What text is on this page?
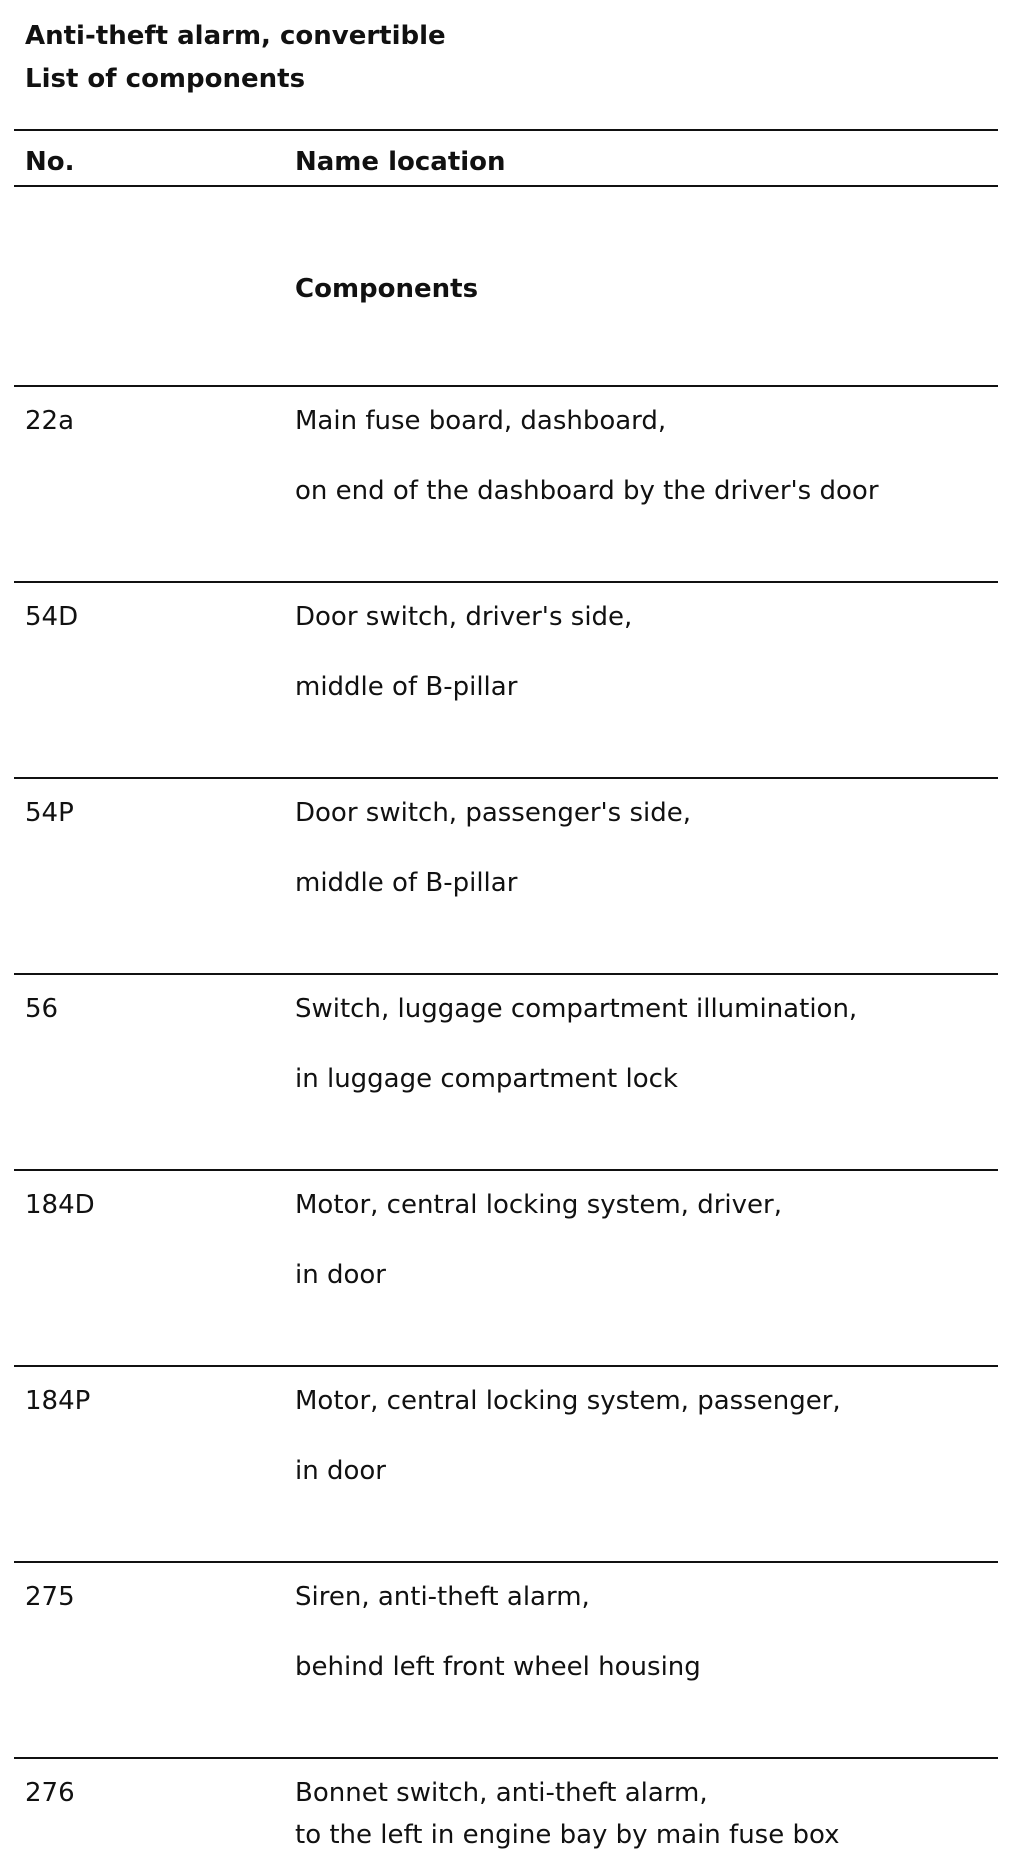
Anti-theft alarm, convertible
List of components
No.	Name location
Components
22a	Main fuse board, dashboard,
on end of the dashboard by the driver's door
54D	Door switch, driver's side,
middle of B-pillar
54P	Door switch, passenger's side,
middle of B-pillar
56	Switch, luggage compartment illumination,
in luggage compartment lock
184D	Motor, central locking system, driver,
in door
184P	Motor, central locking system, passenger,
in door
275	Siren, anti-theft alarm,
behind left front wheel housing
276	Bonnet switch, anti-theft alarm,
to the left in engine bay by main fuse box
